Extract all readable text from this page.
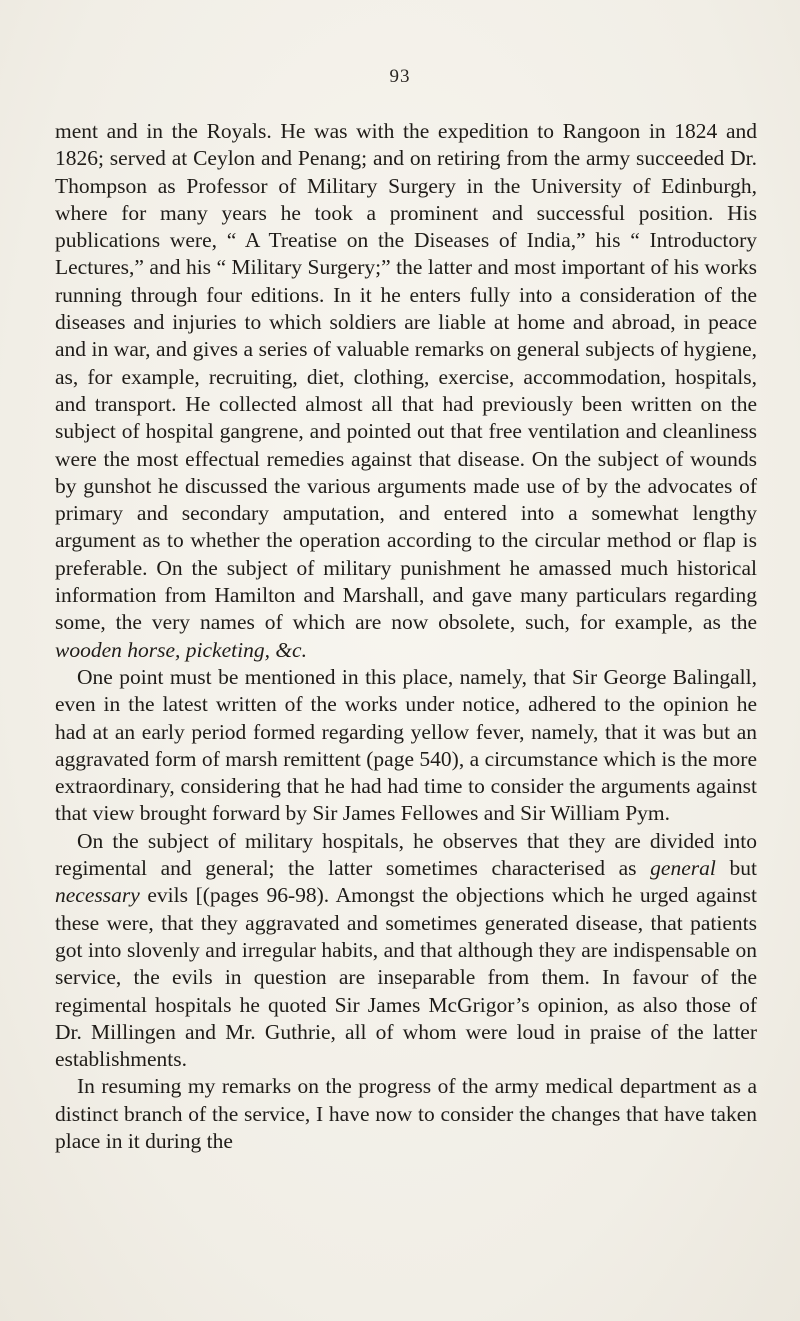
93

ment and in the Royals. He was with the expedition to Rangoon in 1824 and 1826; served at Ceylon and Penang; and on retiring from the army succeeded Dr. Thompson as Professor of Military Surgery in the University of Edinburgh, where for many years he took a prominent and successful position. His publications were, “ A Treatise on the Diseases of India,” his “ Introductory Lectures,” and his “ Military Surgery;” the latter and most important of his works running through four editions. In it he enters fully into a consideration of the diseases and injuries to which soldiers are liable at home and abroad, in peace and in war, and gives a series of valuable remarks on general subjects of hygiene, as, for example, recruiting, diet, clothing, exercise, accommodation, hospitals, and transport. He collected almost all that had previously been written on the subject of hospital gangrene, and pointed out that free ventilation and cleanliness were the most effectual remedies against that disease. On the subject of wounds by gunshot he discussed the various arguments made use of by the advocates of primary and secondary amputation, and entered into a somewhat lengthy argument as to whether the operation according to the circular method or flap is preferable. On the subject of military punishment he amassed much historical information from Hamilton and Marshall, and gave many particulars regarding some, the very names of which are now obsolete, such, for example, as the wooden horse, picketing, &c.

One point must be mentioned in this place, namely, that Sir George Balingall, even in the latest written of the works under notice, adhered to the opinion he had at an early period formed regarding yellow fever, namely, that it was but an aggravated form of marsh remittent (page 540), a circumstance which is the more extraordinary, considering that he had had time to consider the arguments against that view brought forward by Sir James Fellowes and Sir William Pym.

On the subject of military hospitals, he observes that they are divided into regimental and general; the latter sometimes characterised as general but necessary evils [(pages 96-98). Amongst the objections which he urged against these were, that they aggravated and sometimes generated disease, that patients got into slovenly and irregular habits, and that although they are indispensable on service, the evils in question are inseparable from them. In favour of the regimental hospitals he quoted Sir James McGrigor’s opinion, as also those of Dr. Millingen and Mr. Guthrie, all of whom were loud in praise of the latter establishments.

In resuming my remarks on the progress of the army medical department as a distinct branch of the service, I have now to consider the changes that have taken place in it during the
